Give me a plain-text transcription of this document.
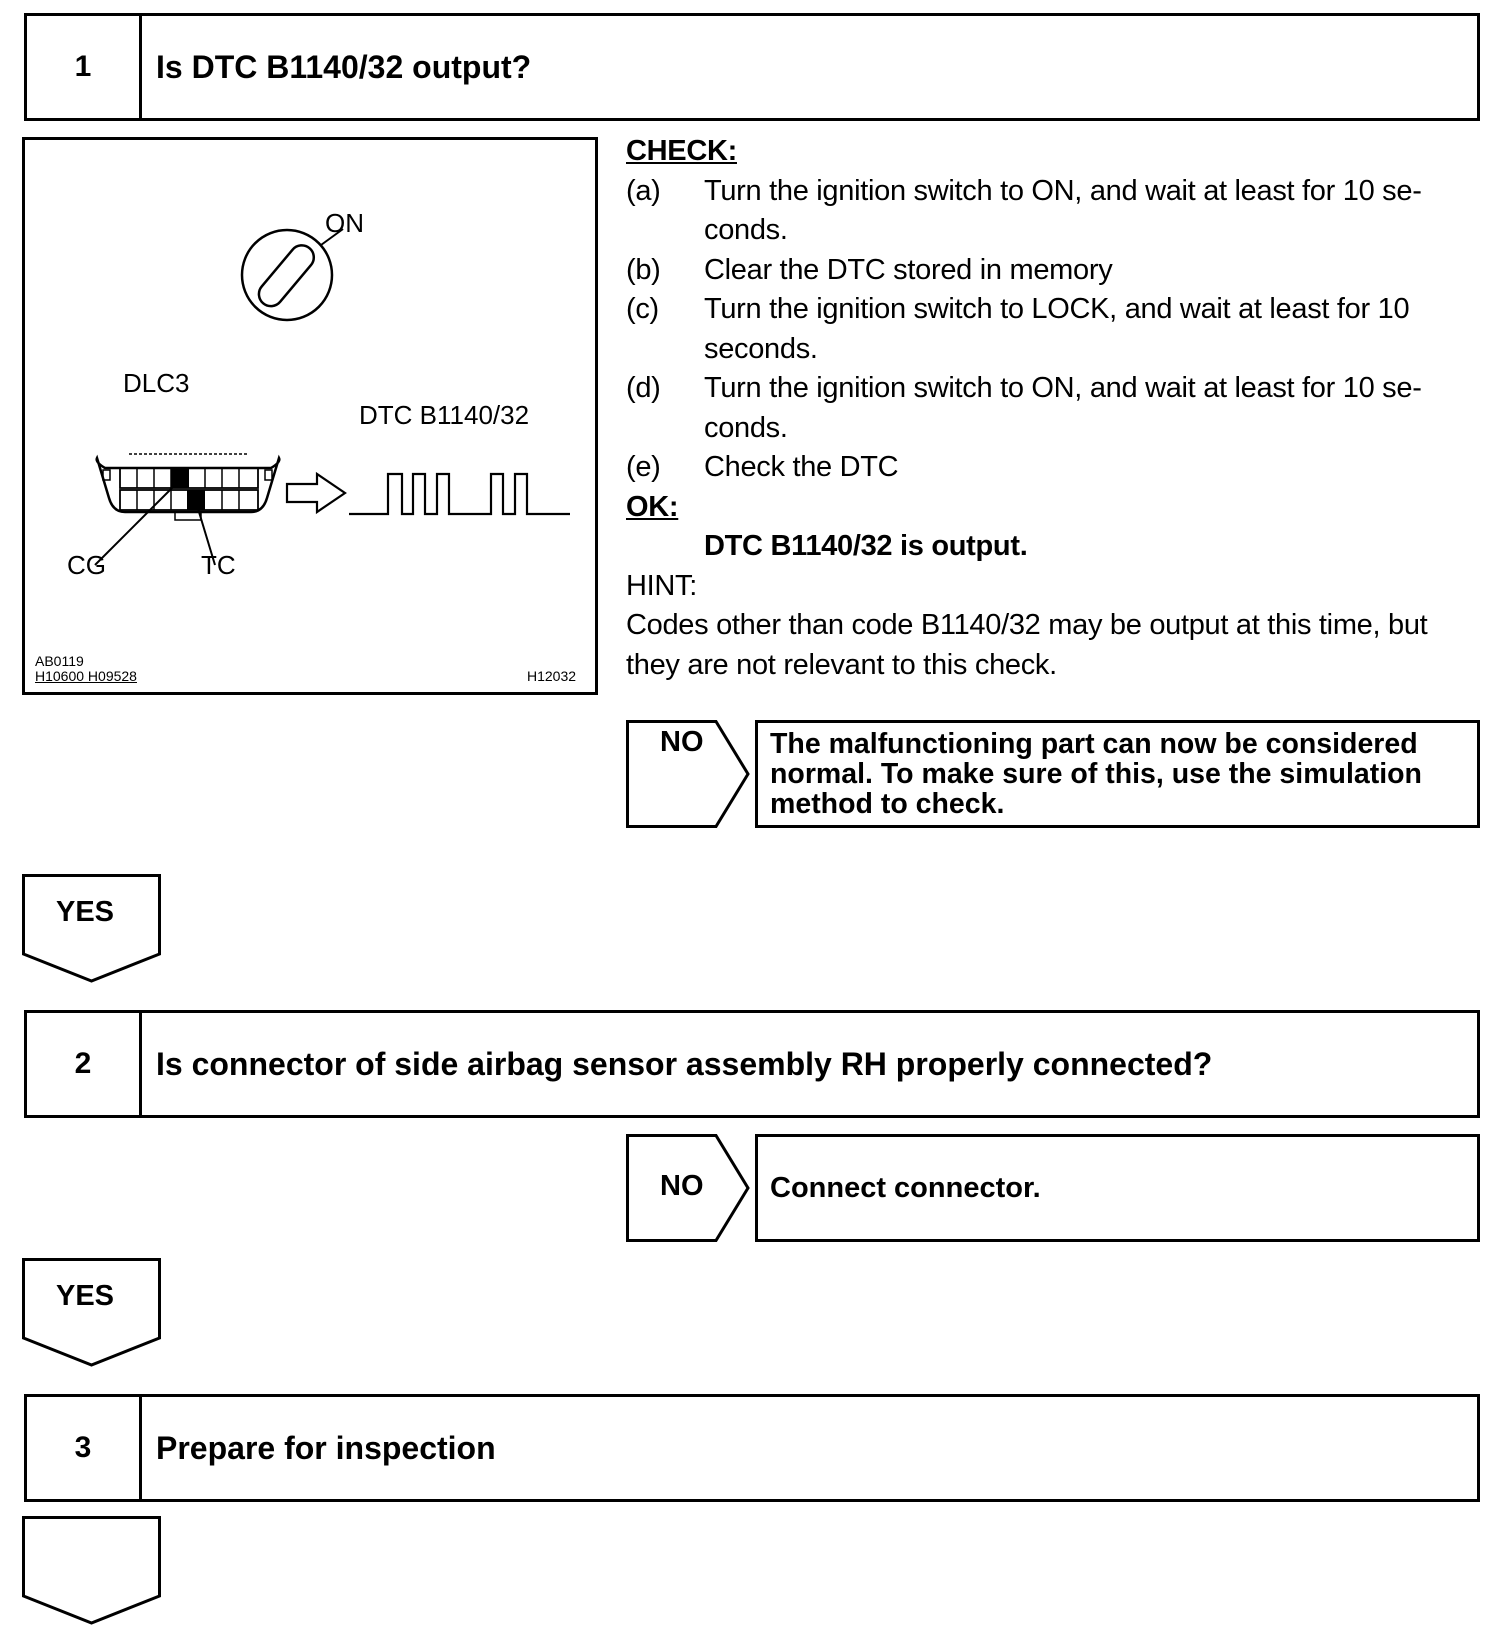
1	Is DTC B1140/32 output?
ON
DLC3
DTC B1140/32
CG	TC
AB0119
H10600 H09528	H12032
CHECK:
(a)	Turn the ignition switch to ON, and wait at least for 10 se-
conds.
(b)	Clear the DTC stored in memory
(c)	Turn the ignition switch to LOCK, and wait at least for 10
seconds.
(d)	Turn the ignition switch to ON, and wait at least for 10 se-
conds.
(e)	Check the DTC
OK:
DTC B1140/32 is output.
HINT:
Codes other than code B1140/32 may be output at this time, but
they are not relevant to this check.
NO The malfunctioning part can now be considered
normal. To make sure of this, use the simulation
method to check.
YES
2	Is connector of side airbag sensor assembly RH properly connected?
NO Connect connector.
YES
3	Prepare for inspection
